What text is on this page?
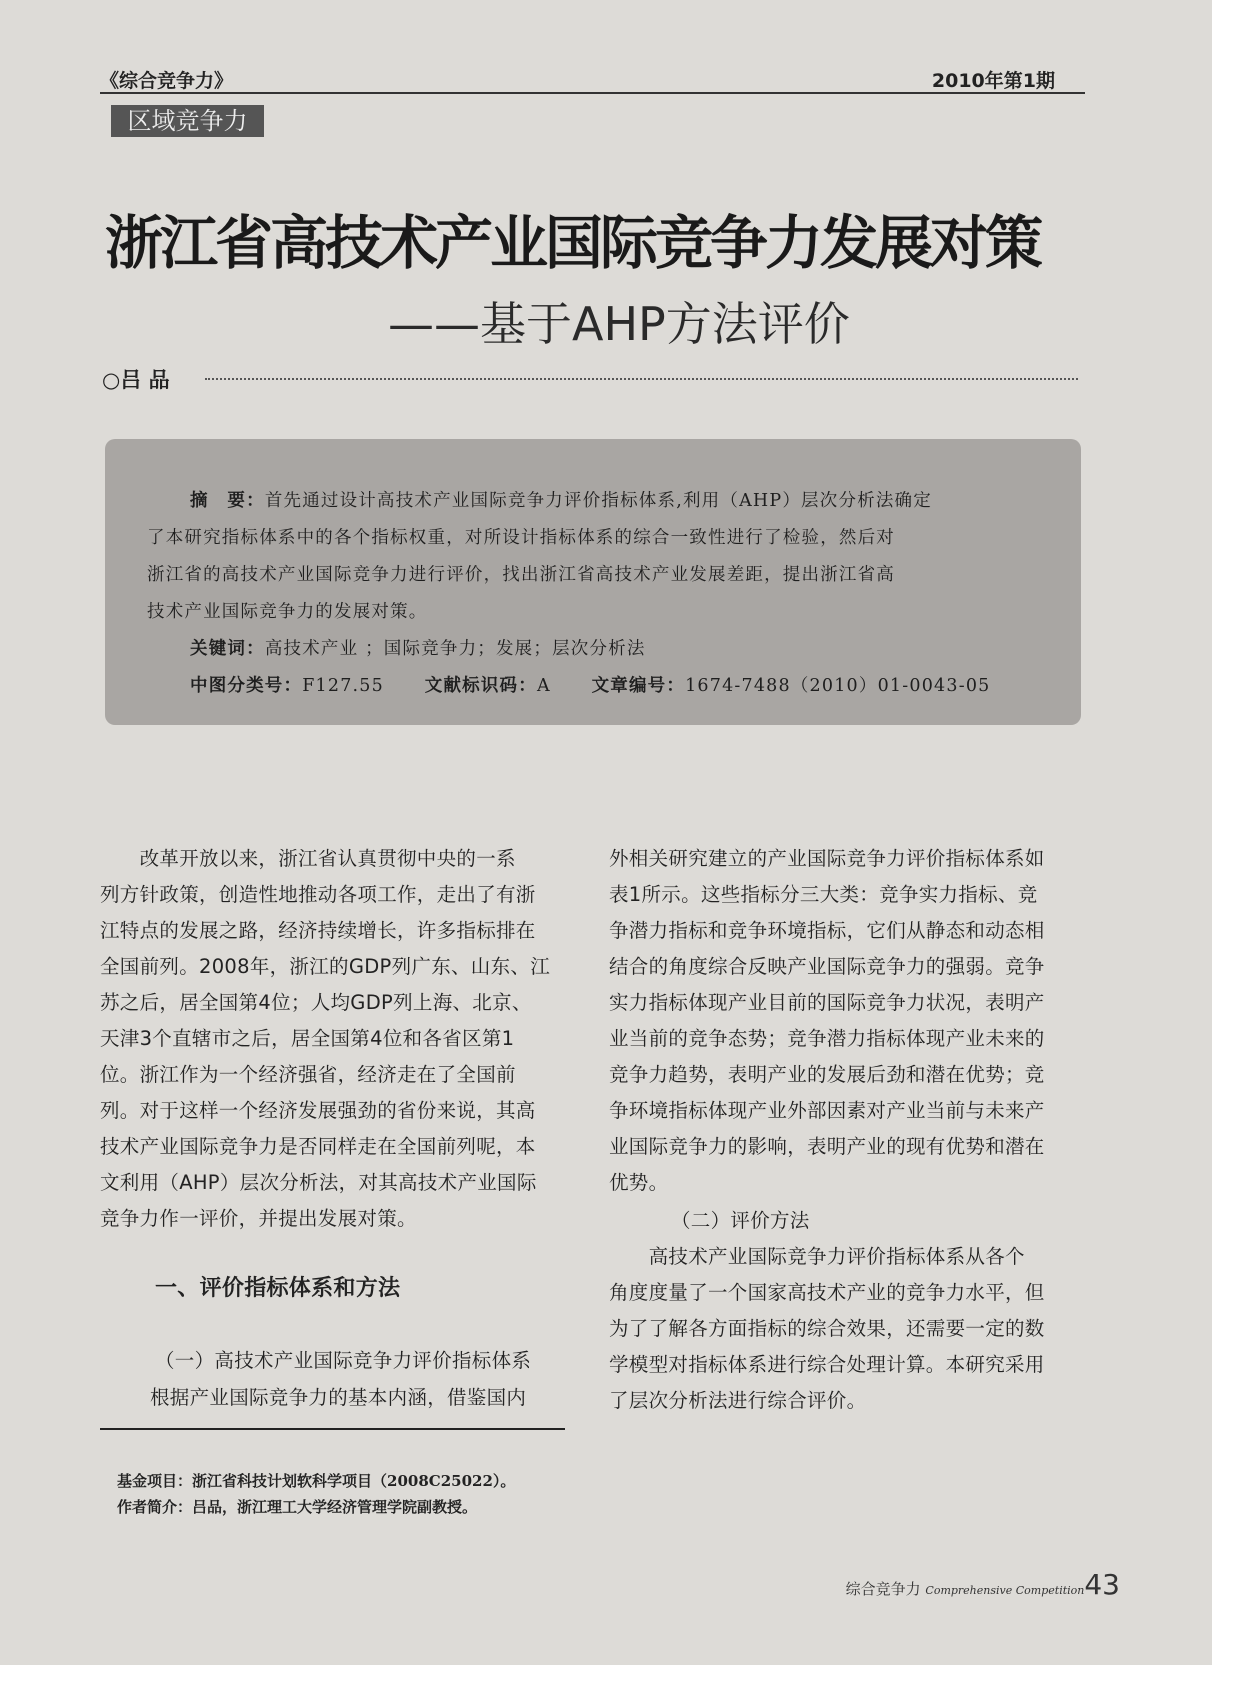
《综合竞争力》	2010年第1期
区域竞争力
浙江省高技术产业国际竞争力发展对策
——基于AHP方法评价
○吕 品
摘　要：首先通过设计高技术产业国际竞争力评价指标体系,利用（AHP）层次分析法确定
了本研究指标体系中的各个指标权重，对所设计指标体系的综合一致性进行了检验，然后对
浙江省的高技术产业国际竞争力进行评价，找出浙江省高技术产业发展差距，提出浙江省高
技术产业国际竞争力的发展对策。
关键词：高技术产业 ；国际竞争力；发展；层次分析法
中图分类号：F127.55 文献标识码：A 文章编号：1674-7488（2010）01-0043-05
一、评价指标体系和方法
（一）高技术产业国际竞争力评价指标体系
根据产业国际竞争力的基本内涵，借鉴国内
　　改革开放以来，浙江省认真贯彻中央的一系
列方针政策，创造性地推动各项工作，走出了有浙
江特点的发展之路，经济持续增长，许多指标排在
全国前列。2008年，浙江的GDP列广东、山东、江
苏之后，居全国第4位；人均GDP列上海、北京、
天津3个直辖市之后，居全国第4位和各省区第1
位。浙江作为一个经济强省，经济走在了全国前
列。对于这样一个经济发展强劲的省份来说，其高
技术产业国际竞争力是否同样走在全国前列呢，本
文利用（AHP）层次分析法，对其高技术产业国际
竞争力作一评价，并提出发展对策。	（二）评价方法
外相关研究建立的产业国际竞争力评价指标体系如
表1所示。这些指标分三大类：竞争实力指标、竞
争潜力指标和竞争环境指标，它们从静态和动态相
结合的角度综合反映产业国际竞争力的强弱。竞争
实力指标体现产业目前的国际竞争力状况，表明产
业当前的竞争态势；竞争潜力指标体现产业未来的
竞争力趋势，表明产业的发展后劲和潜在优势；竞
争环境指标体现产业外部因素对产业当前与未来产
业国际竞争力的影响，表明产业的现有优势和潜在
优势。
　　高技术产业国际竞争力评价指标体系从各个
角度度量了一个国家高技术产业的竞争力水平，但
为了了解各方面指标的综合效果，还需要一定的数
学模型对指标体系进行综合处理计算。本研究采用
了层次分析法进行综合评价。
基金项目：浙江省科技计划软科学项目（2008C25022）。
作者简介：吕品，浙江理工大学经济管理学院副教授。
综合竞争力 Comprehensive Competition43
